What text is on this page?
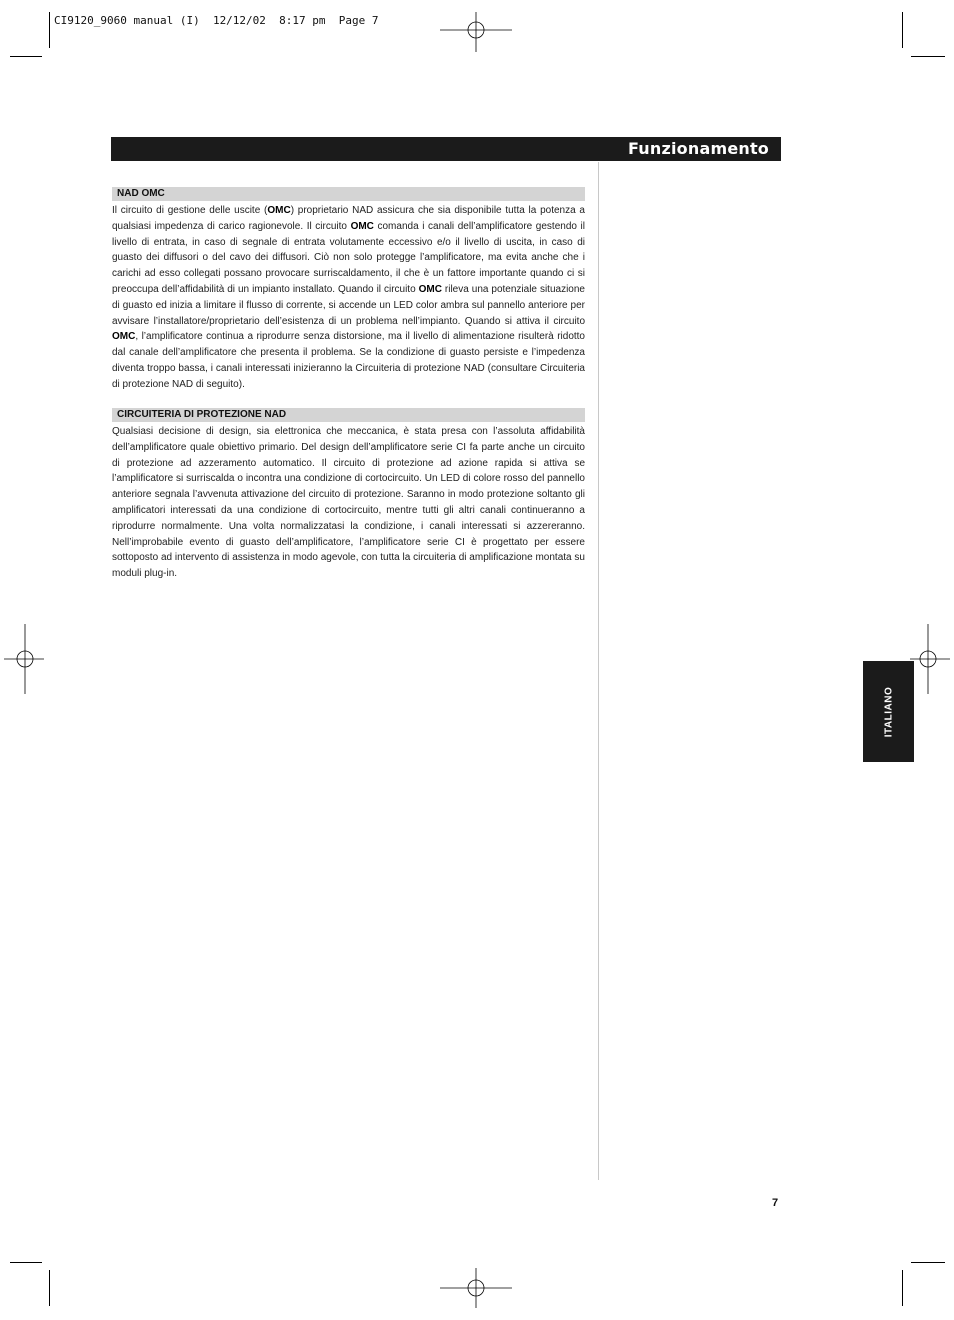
CI9120_9060 manual (I)  12/12/02  8:17 pm  Page 7
Funzionamento
NAD OMC
Il circuito di gestione delle uscite (OMC) proprietario NAD assicura che sia disponibile tutta la potenza a qualsiasi impedenza di carico ragionevole. Il circuito OMC comanda i canali dell’amplificatore gestendo il livello di entrata, in caso di segnale di entrata volutamente eccessivo e/o il livello di uscita, in caso di guasto dei diffusori o del cavo dei diffusori. Ciò non solo protegge l’amplificatore, ma evita anche che i carichi ad esso collegati possano provocare surriscaldamento, il che è un fattore importante quando ci si preoccupa dell’affidabilità di un impianto installato. Quando il circuito OMC rileva una potenziale situazione di guasto ed inizia a limitare il flusso di corrente, si accende un LED color ambra sul pannello anteriore per avvisare l’installatore/proprietario dell’esistenza di un problema nell’impianto. Quando si attiva il circuito OMC, l’amplificatore continua a riprodurre senza distorsione, ma il livello di alimentazione risulterà ridotto dal canale dell’amplificatore che presenta il problema. Se la condizione di guasto persiste e l’impedenza diventa troppo bassa, i canali interessati inizieranno la Circuiteria di protezione NAD (consultare Circuiteria di protezione NAD di seguito).
CIRCUITERIA DI PROTEZIONE NAD
Qualsiasi decisione di design, sia elettronica che meccanica, è stata presa con l’assoluta affidabilità dell’amplificatore quale obiettivo primario. Del design dell’amplificatore serie CI fa parte anche un circuito di protezione ad azzeramento automatico. Il circuito di protezione ad azione rapida si attiva se l’amplificatore si surriscalda o incontra una condizione di cortocircuito. Un LED di colore rosso del pannello anteriore segnala l’avvenuta attivazione del circuito di protezione. Saranno in modo protezione soltanto gli amplificatori interessati da una condizione di cortocircuito, mentre tutti gli altri canali continueranno a riprodurre normalmente. Una volta normalizzatasi la condizione, i canali interessati si azzereranno. Nell’improbabile evento di guasto dell’amplificatore, l’amplificatore serie CI è progettato per essere sottoposto ad intervento di assistenza in modo agevole, con tutta la circuiteria di amplificazione montata su moduli plug-in.
ITALIANO
7
